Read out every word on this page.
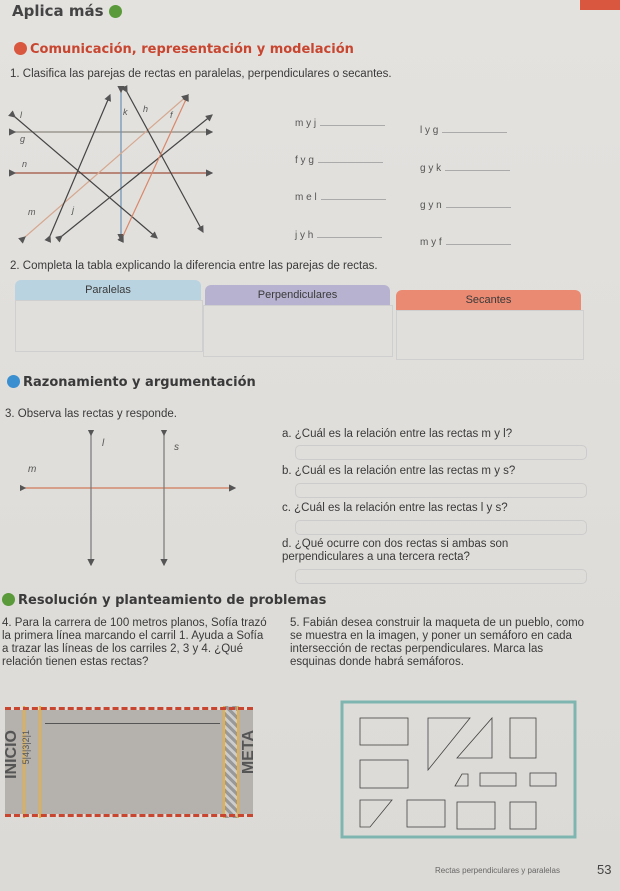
Aplica más
Comunicación, representación y modelación
1. Clasifica las parejas de rectas en paralelas, perpendiculares o secantes.
l
g
n
m	j
k h
f
m y j
f y g
m e l
j y h
l y g
g y k
g y n
m y f
2. Completa la tabla explicando la diferencia entre las parejas de rectas.
Paralelas	Perpendiculares	Secantes
Razonamiento y argumentación
3. Observa las rectas y responde.
l	s
m
a. ¿Cuál es la relación entre las rectas m y l?
b. ¿Cuál es la relación entre las rectas m y s?
c. ¿Cuál es la relación entre las rectas l y s?
d. ¿Qué ocurre con dos rectas si ambas son perpendiculares a una tercera recta?
Resolución y planteamiento de problemas
4. Para la carrera de 100 metros planos, Sofía trazó la primera línea marcando el carril 1. Ayuda a Sofía a trazar las líneas de los carriles 2, 3 y 4. ¿Qué relación tienen estas rectas?
5. Fabián desea construir la maqueta de un pueblo, como se muestra en la imagen, y poner un semáforo en cada intersección de rectas perpendiculares. Marca las esquinas donde habrá semáforos.
5|4|3|2|1
INICIO	META
Rectas perpendiculares y paralelas	53
